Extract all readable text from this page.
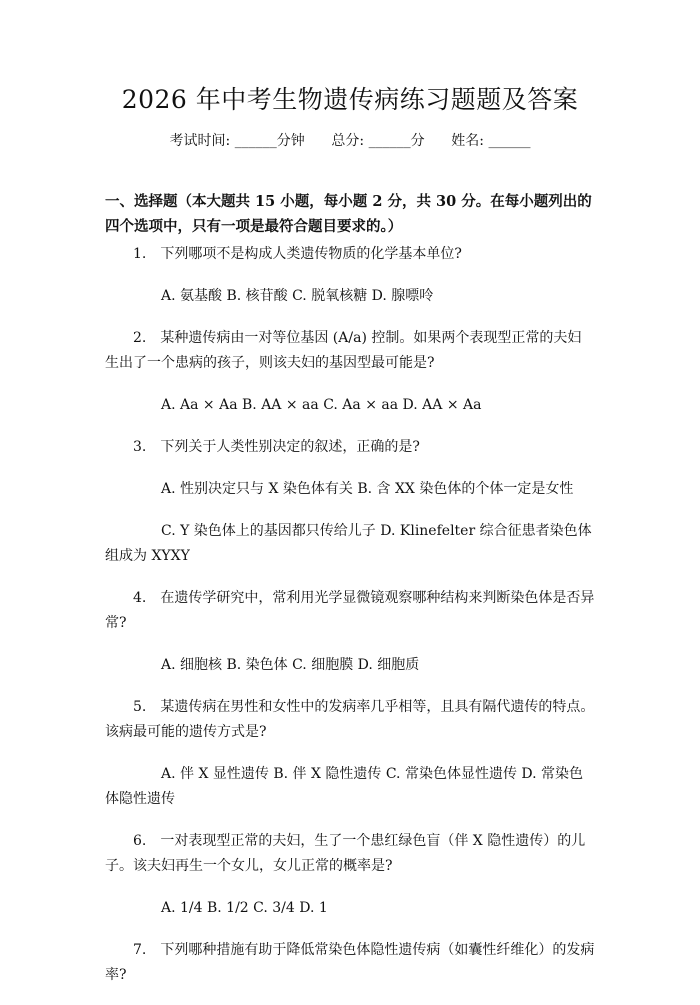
2026 年中考生物遗传病练习题题及答案
考试时间: ______分钟      总分: ______分      姓名: ______
一、选择题（本大题共 15 小题，每小题 2 分，共 30 分。在每小题列出的四个选项中，只有一项是最符合题目要求的。）
1.　下列哪项不是构成人类遗传物质的化学基本单位?
A. 氨基酸 B. 核苷酸 C. 脱氧核糖 D. 腺嘌呤
2.　某种遗传病由一对等位基因 (A/a) 控制。如果两个表现型正常的夫妇生出了一个患病的孩子，则该夫妇的基因型最可能是?
A. Aa × Aa B. AA × aa C. Aa × aa D. AA × Aa
3.　下列关于人类性别决定的叙述，正确的是?
A. 性别决定只与 X 染色体有关 B. 含 XX 染色体的个体一定是女性
C. Y 染色体上的基因都只传给儿子 D. Klinefelter 综合征患者染色体组成为 XYXY
4.　在遗传学研究中，常利用光学显微镜观察哪种结构来判断染色体是否异常?
A. 细胞核 B. 染色体 C. 细胞膜 D. 细胞质
5.　某遗传病在男性和女性中的发病率几乎相等，且具有隔代遗传的特点。该病最可能的遗传方式是?
A. 伴 X 显性遗传 B. 伴 X 隐性遗传 C. 常染色体显性遗传 D. 常染色体隐性遗传
6.　一对表现型正常的夫妇，生了一个患红绿色盲（伴 X 隐性遗传）的儿子。该夫妇再生一个女儿，女儿正常的概率是?
A. 1/4 B. 1/2 C. 3/4 D. 1
7.　下列哪种措施有助于降低常染色体隐性遗传病（如囊性纤维化）的发病率?
